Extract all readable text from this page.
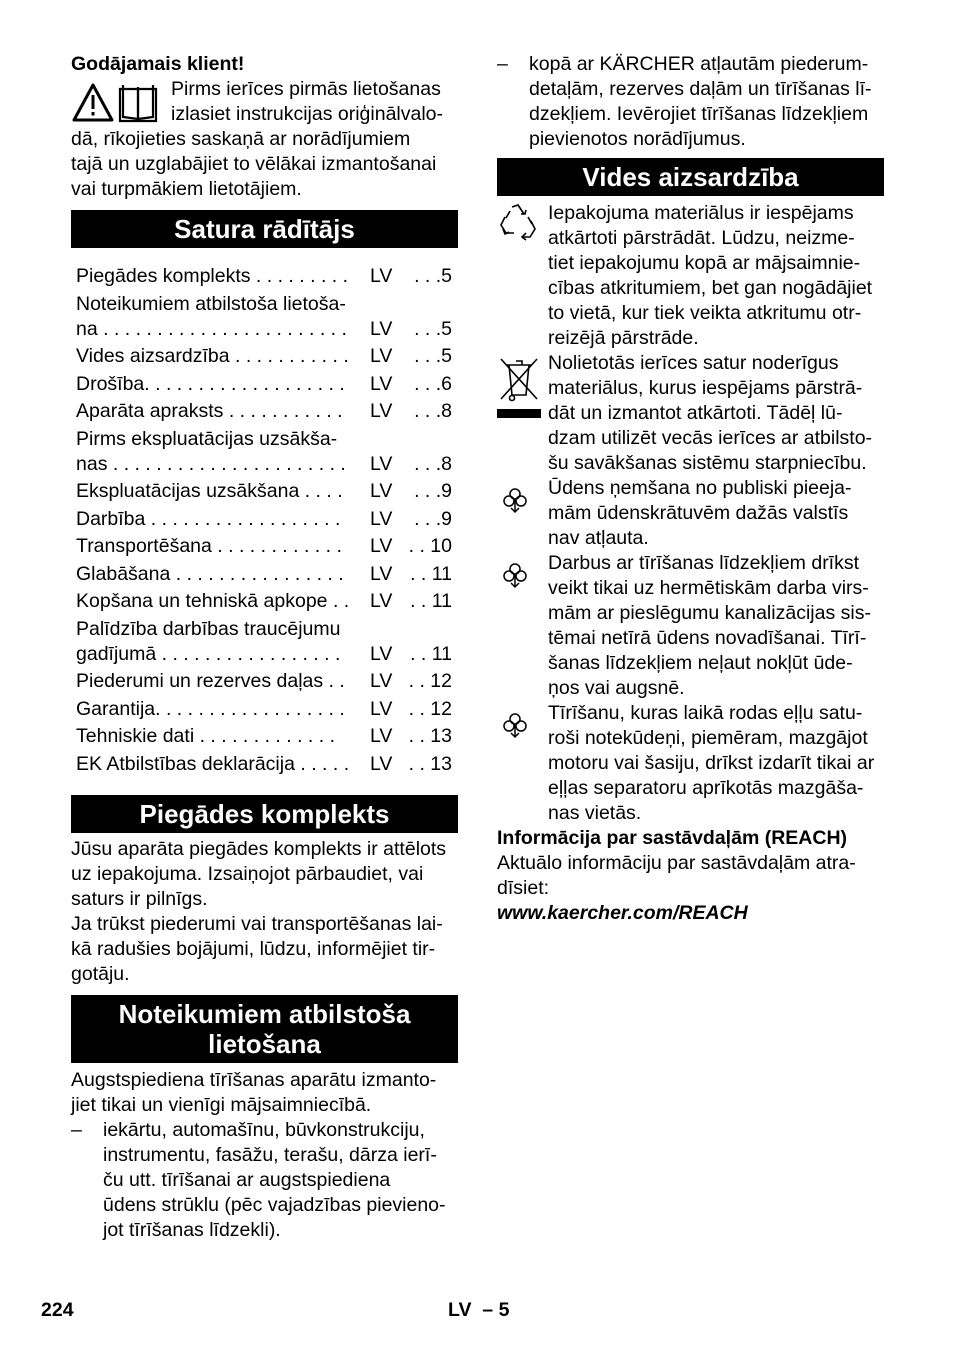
Godājamais klient!

Pirms ierīces pirmās lietošanas

izlasiet instrukcijas oriģinālvalo-

dā, rīkojieties saskaņā ar norādījumiem

tajā un uzglabājiet to vēlākai izmantošanai

vai turpmākiem lietotājiem.

Satura rādītājs
Piegādes komplekts . . . . . . . . .	LV	. . .5
Noteikumiem atbilstoša lietoša-		
na . . . . . . . . . . . . . . . . . . . . . . .	LV	. . .5
Vides aizsardzība . . . . . . . . . . .	LV	. . .5
Drošība. . . . . . . . . . . . . . . . . . .	LV	. . .6
Aparāta apraksts . . . . . . . . . . .	LV	. . .8
Pirms ekspluatācijas uzsākša-		
nas . . . . . . . . . . . . . . . . . . . . . .	LV	. . .8
Ekspluatācijas uzsākšana . . . .	LV	. . .9
Darbība . . . . . . . . . . . . . . . . . .	LV	. . .9
Transportēšana . . . . . . . . . . . .	LV	. . 10
Glabāšana . . . . . . . . . . . . . . . .	LV	. . 11
Kopšana un tehniskā apkope . .	LV	. . 11
Palīdzība darbības traucējumu		
gadījumā . . . . . . . . . . . . . . . . .	LV	. . 11
Piederumi un rezerves daļas . .	LV	. . 12
Garantija. . . . . . . . . . . . . . . . . .	LV	. . 12
Tehniskie dati . . . . . . . . . . . . .	LV	. . 13
EK Atbilstības deklarācija . . . . .	LV	. . 13
Piegādes komplekts

Jūsu aparāta piegādes komplekts ir attēlots

uz iepakojuma. Izsaiņojot pārbaudiet, vai

saturs ir pilnīgs.

Ja trūkst piederumi vai transportēšanas lai-

kā radušies bojājumi, lūdzu, informējiet tir-

gotāju.

Noteikumiem atbilstoša
lietošana

Augstspiediena tīrīšanas aparātu izmanto-

jiet tikai un vienīgi mājsaimniecībā.

–	iekārtu, automašīnu, būvkonstrukciju,

instrumentu, fasāžu, terašu, dārza ierī-

ču utt. tīrīšanai ar augstspiediena

ūdens strūklu (pēc vajadzības pievieno-

jot tīrīšanas līdzekli).

–	kopā ar KÄRCHER atļautām piederum-

detaļām, rezerves daļām un tīrīšanas lī-

dzekļiem. Ievērojiet tīrīšanas līdzekļiem

pievienotos norādījumus.

Vides aizsardzība

Iepakojuma materiālus ir iespējams

atkārtoti pārstrādāt. Lūdzu, neizme-

tiet iepakojumu kopā ar mājsaimnie-

cības atkritumiem, bet gan nogādājiet

to vietā, kur tiek veikta atkritumu otr-

reizējā pārstrāde.

Nolietotās ierīces satur noderīgus

materiālus, kurus iespējams pārstrā-

dāt un izmantot atkārtoti. Tādēļ lū-

dzam utilizēt vecās ierīces ar atbilsto-

šu savākšanas sistēmu starpniecību.

Ūdens ņemšana no publiski pieeja-

mām ūdenskrātuvēm dažās valstīs

nav atļauta.

Darbus ar tīrīšanas līdzekļiem drīkst

veikt tikai uz hermētiskām darba virs-

mām ar pieslēgumu kanalizācijas sis-

tēmai netīrā ūdens novadīšanai. Tīrī-

šanas līdzekļiem neļaut nokļūt ūde-

ņos vai augsnē.

Tīrīšanu, kuras laikā rodas eļļu satu-

roši notekūdeņi, piemēram, mazgājot

motoru vai šasiju, drīkst izdarīt tikai ar

eļļas separatoru aprīkotās mazgāša-

nas vietās.

Informācija par sastāvdaļām (REACH)

Aktuālo informāciju par sastāvdaļām atra-

dīsiet:

www.kaercher.com/REACH

224	LV  – 5
